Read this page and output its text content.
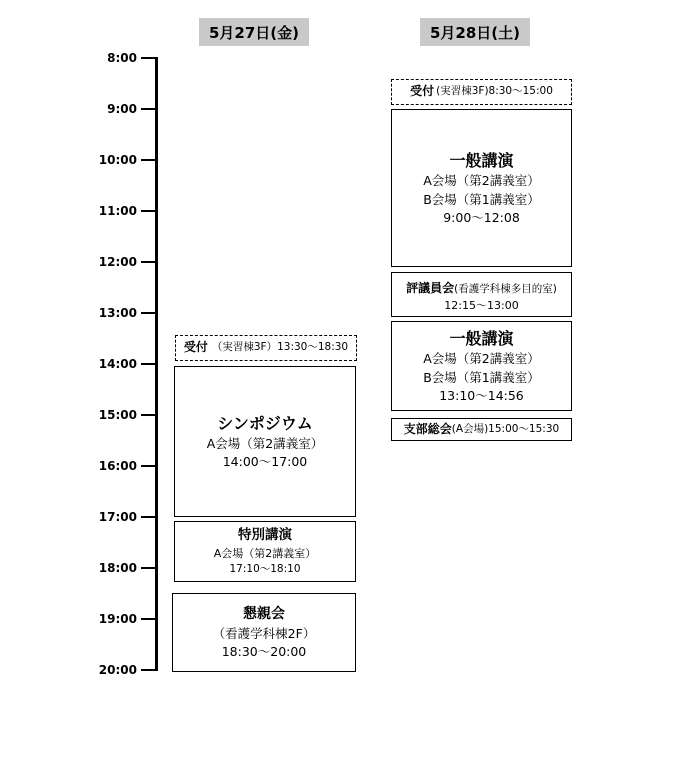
5月27日(金)	5月28日(土)
8:00
9:00
10:00
11:00
12:00
13:00
14:00
15:00
16:00
17:00
18:00
19:00
20:00
受付 （実習棟3F）13:30～18:30
シンポジウム
A会場（第2講義室）
14:00～17:00
特別講演
A会場（第2講義室）
17:10～18:10
懇親会
（看護学科棟2F）
18:30～20:00
受付 (実習棟3F)8:30～15:00
一般講演
A会場（第2講義室）
B会場（第1講義室）
9:00～12:08
評議員会(看護学科棟多目的室)
12:15～13:00
一般講演
A会場（第2講義室）
B会場（第1講義室）
13:10～14:56
支部総会 (A会場)15:00～15:30
